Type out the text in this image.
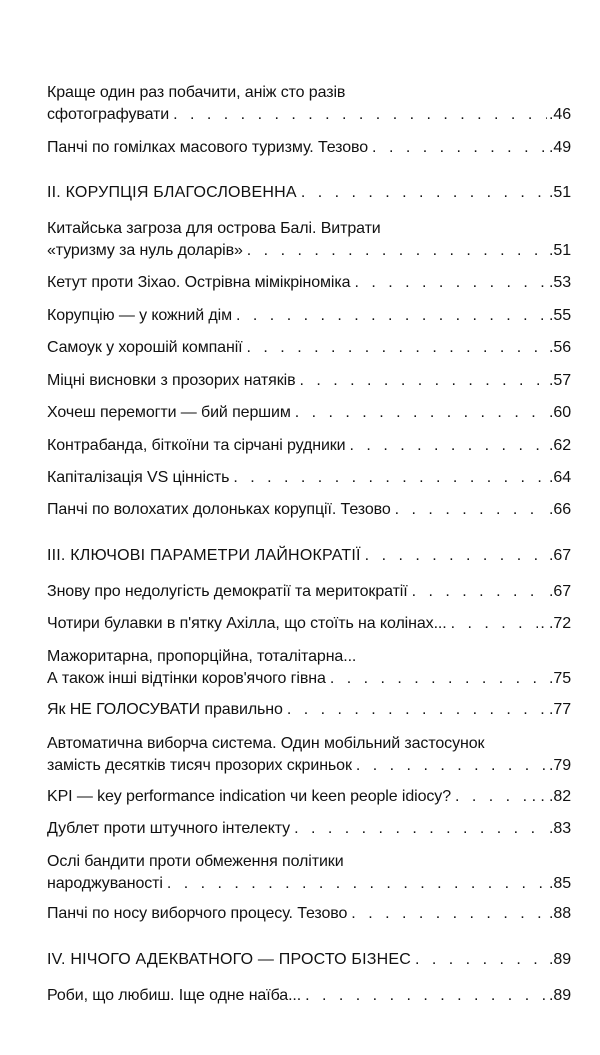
Краще один раз побачити, аніж сто разів
сфотографувати . . .	.46
Панчі по гомілках масового туризму. Тезово . . .	.49
ІІ. КОРУПЦІЯ БЛАГОСЛОВЕННА . . .	.51
Китайська загроза для острова Балі. Витрати
«туризму за нуль доларів» . . .	.51
Кетут проти Зіхао. Острівна мімікріноміка . . .	.53
Корупцію — у кожний дім . . .	.55
Самоук у хорошій компанії . . .	.56
Міцні висновки з прозорих натяків . . .	.57
Хочеш перемогти — бий першим . . .	.60
Контрабанда, біткоїни та сірчані рудники . . .	.62
Капіталізація VS цінність . . .	.64
Панчі по волохатих долоньках корупції. Тезово . . .	.66
ІІІ. КЛЮЧОВІ ПАРАМЕТРИ ЛАЙНОКРАТІЇ . . .	.67
Знову про недолугість демократії та меритократії . . .	.67
Чотири булавки в п'ятку Ахілла, що стоїть на колінах... . . .	. .72
Мажоритарна, пропорційна, тоталітарна...
А також інші відтінки коров'ячого гівна . . .	.75
Як НЕ ГОЛОСУВАТИ правильно . . .	.77
Автоматична виборча система. Один мобільний застосунок
замість десятків тисяч прозорих скриньок . . .	.79
KPI — key performance indication чи keen people idiocy? . . .	. . .82
Дублет проти штучного інтелекту . . .	.83
Ослі бандити проти обмеження політики
народжуваності . . .	.85
Панчі по носу виборчого процесу. Тезово . . .	.88
IV. НІЧОГО АДЕКВАТНОГО — ПРОСТО БІЗНЕС . . .	.89
Роби, що любиш. Іще одне наїба... . . .	.89
